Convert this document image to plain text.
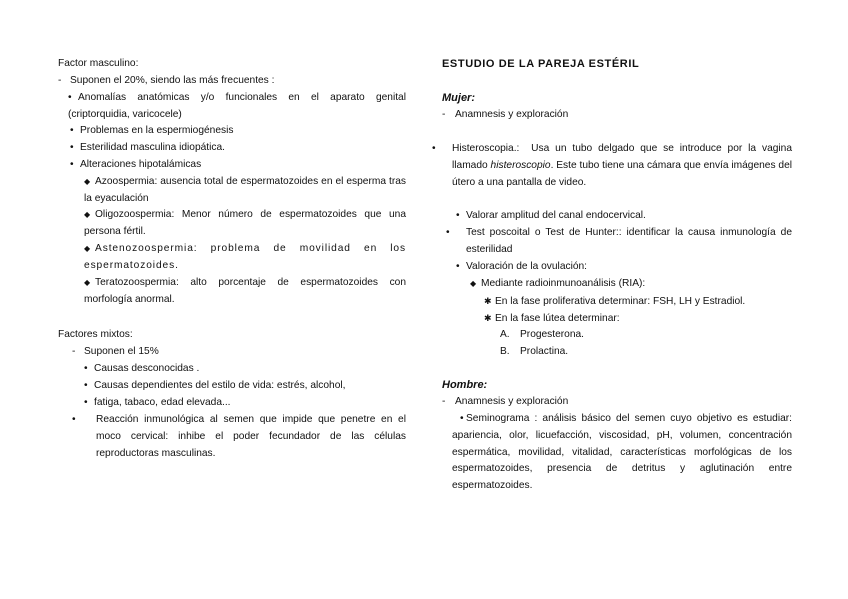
Factor masculino:
- Suponen el 20%, siendo las más frecuentes :
• Anomalías anatómicas y/o funcionales en el aparato genital (criptorquidia, varicocele)
• Problemas en la espermiogénesis
• Esterilidad masculina idiopática.
• Alteraciones hipotalámicas
◆ Azoospermia: ausencia total de espermatozoides en el esperma tras la eyaculación
◆ Oligozoospermia: Menor número de espermatozoides que una persona fértil.
◆ Astenozoospermia: problema de movilidad en los espermatozoides.
◆ Teratozoospermia: alto porcentaje de espermatozoides con morfología anormal.
Factores mixtos:
- Suponen el 15%
• Causas desconocidas .
• Causas dependientes del estilo de vida: estrés, alcohol,
• fatiga, tabaco, edad elevada...
• Reacción inmunológica al semen que impide que penetre en el moco cervical: inhibe el poder fecundador de las células reproductoras masculinas.
ESTUDIO DE LA PAREJA ESTÉRIL
Mujer:
- Anamnesis y exploración
• Histeroscopia.: Usa un tubo delgado que se introduce por la vagina llamado histeroscopio. Este tubo tiene una cámara que envía imágenes del útero a una pantalla de video.
• Valorar amplitud del canal endocervical.
• Test poscoital o Test de Hunter:: identificar la causa inmunología de esterilidad
• Valoración de la ovulación:
◆ Mediante radioinmunoanálisis (RIA):
✱ En la fase proliferativa determinar: FSH, LH y Estradiol.
✱ En la fase lútea determinar:
A. Progesterona.
B. Prolactina.
Hombre:
- Anamnesis y exploración
• Seminograma : análisis básico del semen cuyo objetivo es estudiar: apariencia, olor, licuefacción, viscosidad, pH, volumen, concentración espermática, movilidad, vitalidad, características morfológicas de los espermatozoides, presencia de detritus y aglutinación entre espermatozoides.
